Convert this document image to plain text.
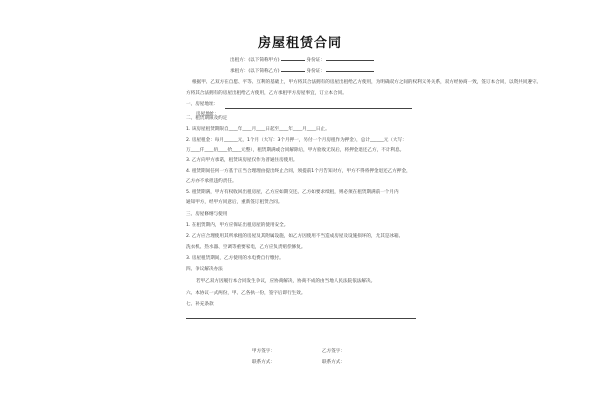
房屋租赁合同
出租方：(以下简称甲方)	身份证：
承租方：(以下简称乙方)	身份证：
根据甲、乙双方在自愿、平等、互利的基础上，甲方将其合法拥有的房屋出租给乙方使用，为明确双方之间的权利义务关系，双方经协商一致，签订本合同，以资共同遵守。
方将其合法拥有的房屋出租给乙方使用，乙方承租甲方房屋事宜，订立本合同。
一、房屋地址：
房屋地址：
二、租赁期限及约定
1. 该房屋租赁期限自____年____月____日起至____年____月____日止。
2. 房屋租金：每月______元，1个月（大写：3个月押一，另付一个月房租作为押金），总计______元（大写：
万____仟____佰____拾____元整），租赁期满或合同解除后，甲方验收无误后，将押金退还乙方，不计利息。
3. 乙方向甲方承诺，租赁该房屋仅作为普通住房使用。
4. 租赁期间任何一方基于正当合理理由提出终止合同，须提前1个月告知对方，甲方不得将押金退还乙方押金，
乙方亦不承担违约责任。
5. 租赁期满，甲方有权收回出租房屋，乙方应如期交还。乙方如要求续租，则必须在租赁期满前一个月内
通知甲方，经甲方同意后，重新签订租赁合同。
三、房屋修缮与使用
1. 在租赁期内，甲方应保证出租房屋的使用安全。
2. 乙方应合理使用其所承租的房屋及其附属设施，如乙方因使用不当造成房屋及设施损坏的，尤其是冰箱、
洗衣机、热水器、空调等重要家电，乙方应负责赔偿修复。
3. 房屋租赁期间，乙方使用的水电费自行缴付。
四、争议解决办法
若甲乙双方因履行本合同发生争议，应协商解决，协商不成的由当地人民法院依法解决。
六、本协议一式两份，甲、乙各执一份，签字后即行生效。
七、补充条款
甲方签字：	乙方签字：
联系方式：	联系方式：
